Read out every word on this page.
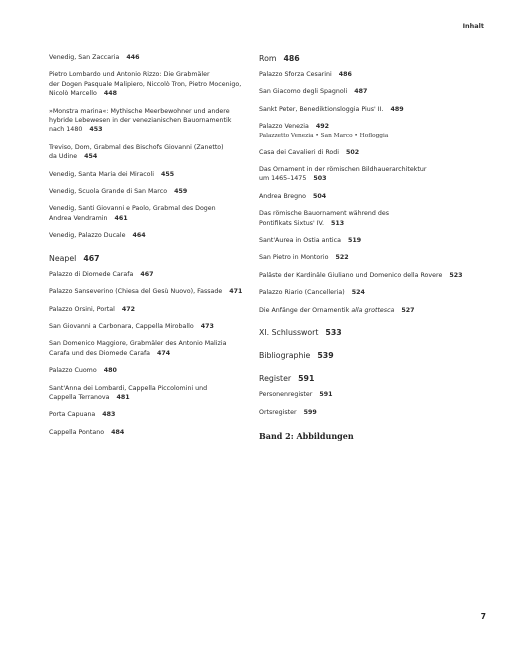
Inhalt
Venedig, San Zaccaria 446
Pietro Lombardo und Antonio Rizzo: Die Grabmäler
der Dogen Pasquale Malipiero, Niccolò Tron, Pietro Mocenigo,
Nicolò Marcello 448
»Monstra marina«: Mythische Meerbewohner und andere
hybride Lebewesen in der venezianischen Bauornamentik
nach 1480 453
Treviso, Dom, Grabmal des Bischofs Giovanni (Zanetto)
da Udine 454
Venedig, Santa Maria dei Miracoli 455
Venedig, Scuola Grande di San Marco 459
Venedig, Santi Giovanni e Paolo, Grabmal des Dogen
Andrea Vendramin 461
Venedig, Palazzo Ducale 464
Neapel 467
Palazzo di Diomede Carafa 467
Palazzo Sanseverino (Chiesa del Gesù Nuovo), Fassade 471
Palazzo Orsini, Portal 472
San Giovanni a Carbonara, Cappella Miroballo 473
San Domenico Maggiore, Grabmäler des Antonio Malizia
Carafa und des Diomede Carafa 474
Palazzo Cuomo 480
Sant'Anna dei Lombardi, Cappella Piccolomini und
Cappella Terranova 481
Porta Capuana 483
Cappella Pontano 484
Rom 486
Palazzo Sforza Cesarini 486
San Giacomo degli Spagnoli 487
Sankt Peter, Benediktionsloggia Pius' II. 489
Palazzo Venezia 492
Palazzetto Venezia • San Marco • Hofloggia
Casa dei Cavalieri di Rodi 502
Das Ornament in der römischen Bildhauerarchitektur
um 1465–1475 503
Andrea Bregno 504
Das römische Bauornament während des
Pontifikats Sixtus' IV. 513
Sant'Aurea in Ostia antica 519
San Pietro in Montorio 522
Paläste der Kardinäle Giuliano und Domenico della Rovere 523
Palazzo Riario (Cancelleria) 524
Die Anfänge der Ornamentik alla grottesca 527
XI. Schlusswort 533
Bibliographie 539
Register 591
Personenregister 591
Ortsregister 599
Band 2: Abbildungen
7
